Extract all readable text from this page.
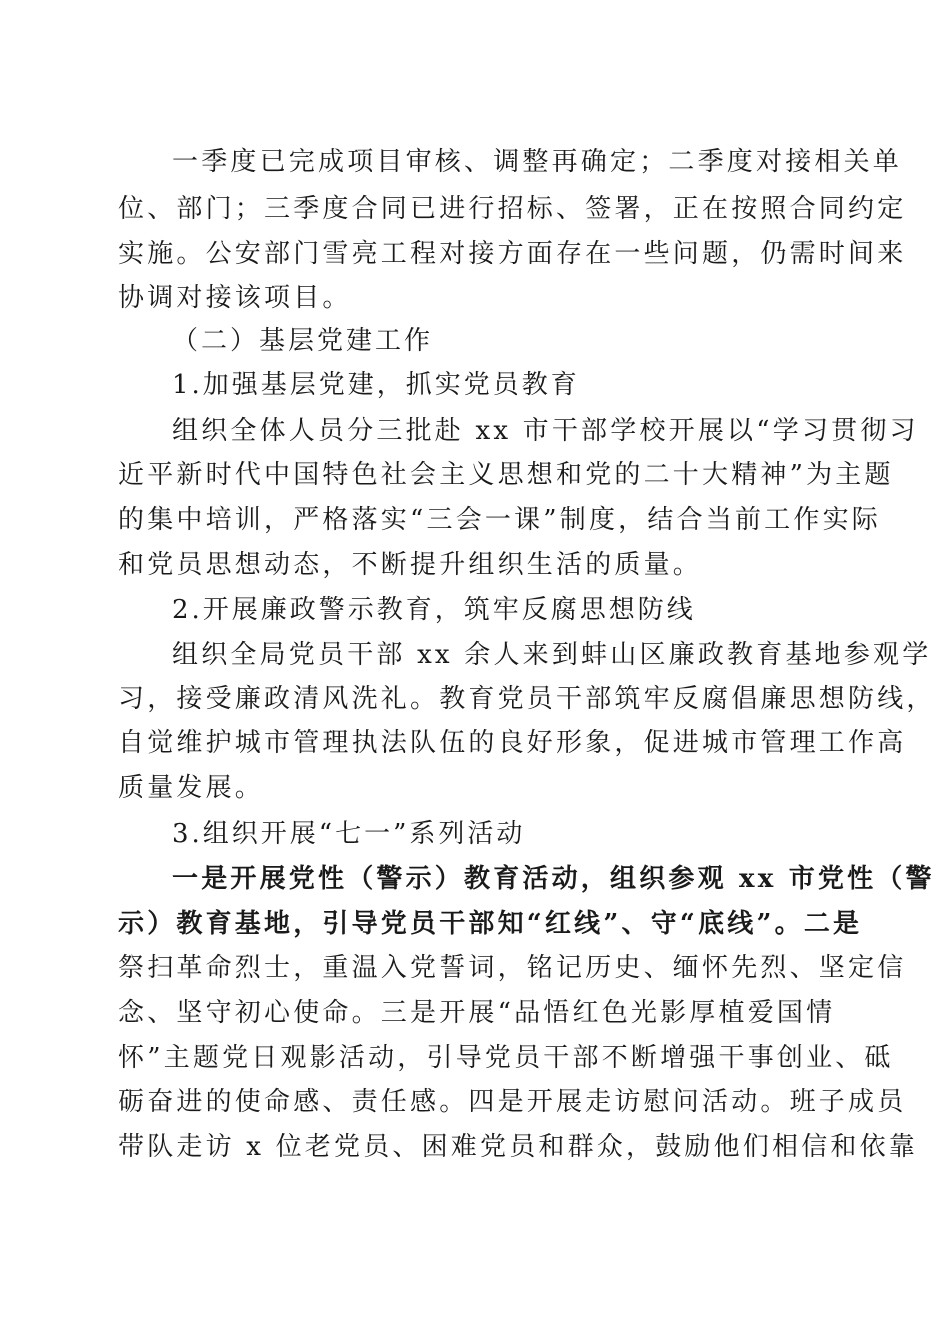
一季度已完成项目审核、调整再确定；二季度对接相关单
位、部门；三季度合同已进行招标、签署，正在按照合同约定
实施。公安部门雪亮工程对接方面存在一些问题，仍需时间来
协调对接该项目。
（二）基层党建工作
1.加强基层党建，抓实党员教育
组织全体人员分三批赴 xx 市干部学校开展以“学习贯彻习
近平新时代中国特色社会主义思想和党的二十大精神”为主题
的集中培训，严格落实“三会一课”制度，结合当前工作实际
和党员思想动态，不断提升组织生活的质量。
2.开展廉政警示教育，筑牢反腐思想防线
组织全局党员干部 xx 余人来到蚌山区廉政教育基地参观学
习，接受廉政清风洗礼。教育党员干部筑牢反腐倡廉思想防线，
自觉维护城市管理执法队伍的良好形象，促进城市管理工作高
质量发展。
3.组织开展“七一”系列活动
一是开展党性（警示）教育活动，组织参观 xx 市党性（警
示）教育基地，引导党员干部知“红线”、守“底线”。二是
祭扫革命烈士，重温入党誓词，铭记历史、缅怀先烈、坚定信
念、坚守初心使命。三是开展“品悟红色光影厚植爱国情
怀”主题党日观影活动，引导党员干部不断增强干事创业、砥
砺奋进的使命感、责任感。四是开展走访慰问活动。班子成员
带队走访 x 位老党员、困难党员和群众，鼓励他们相信和依靠
